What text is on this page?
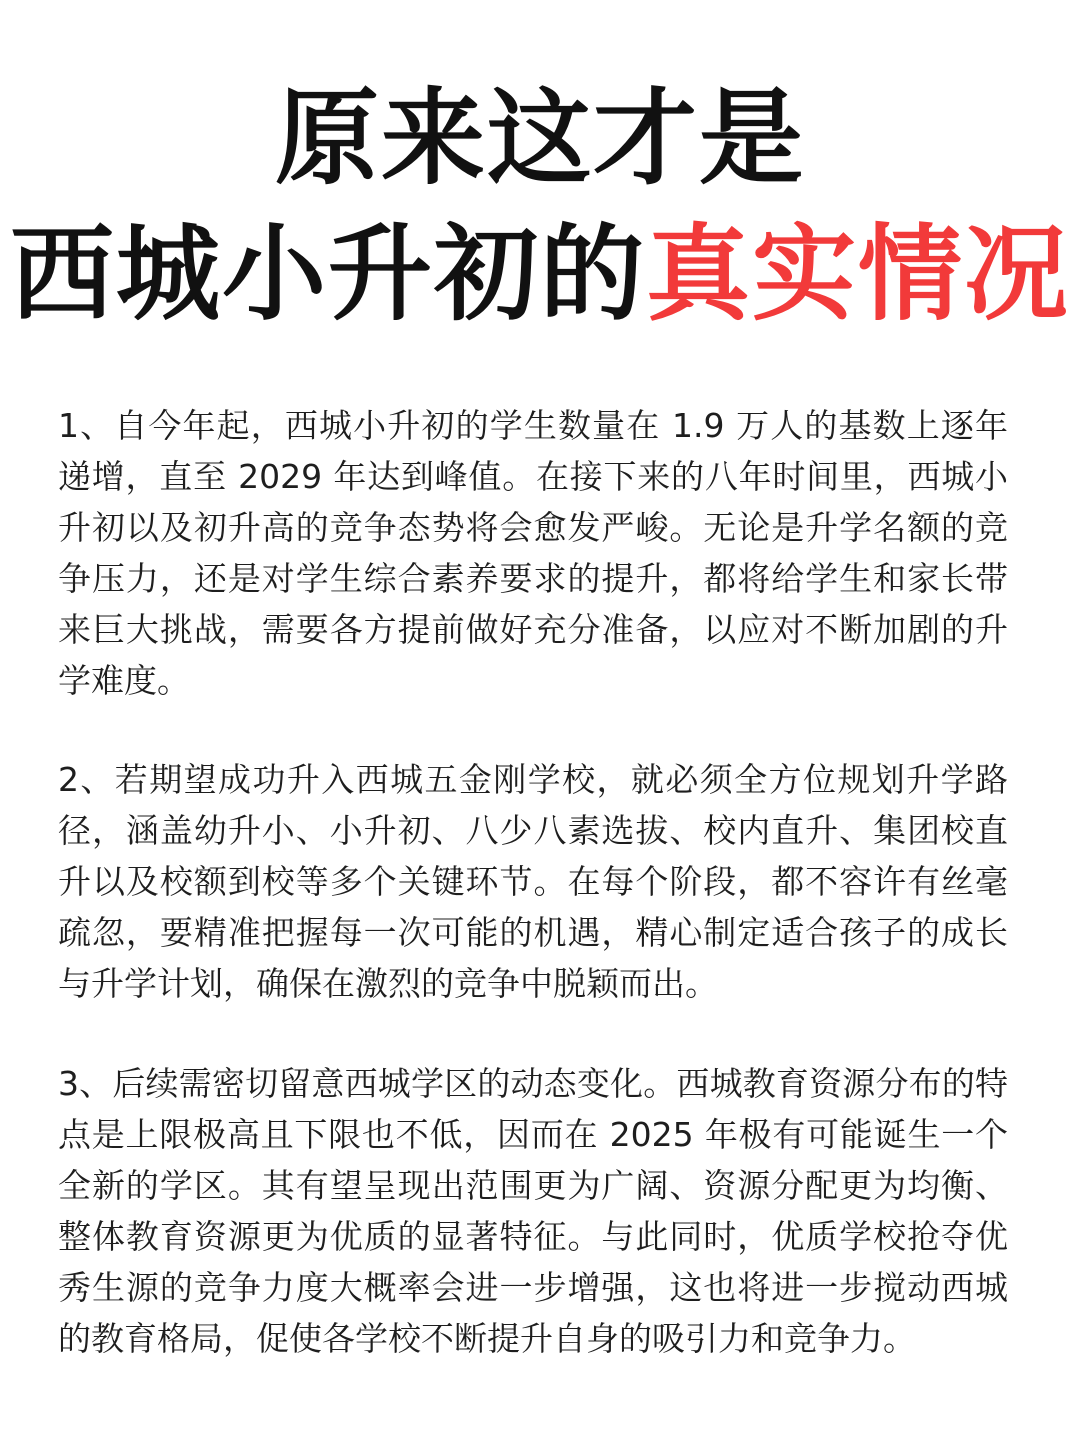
原来这才是
西城小升初的真实情况

1、自今年起，西城小升初的学生数量在 1.9 万人的基数上逐年递增，直至 2029 年达到峰值。在接下来的八年时间里，西城小升初以及初升高的竞争态势将会愈发严峻。无论是升学名额的竞争压力，还是对学生综合素养要求的提升，都将给学生和家长带来巨大挑战，需要各方提前做好充分准备，以应对不断加剧的升学难度。

2、若期望成功升入西城五金刚学校，就必须全方位规划升学路径，涵盖幼升小、小升初、八少八素选拔、校内直升、集团校直升以及校额到校等多个关键环节。在每个阶段，都不容许有丝毫疏忽，要精准把握每一次可能的机遇，精心制定适合孩子的成长与升学计划，确保在激烈的竞争中脱颖而出。

3、后续需密切留意西城学区的动态变化。西城教育资源分布的特点是上限极高且下限也不低，因而在 2025 年极有可能诞生一个全新的学区。其有望呈现出范围更为广阔、资源分配更为均衡、整体教育资源更为优质的显著特征。与此同时，优质学校抢夺优秀生源的竞争力度大概率会进一步增强，这也将进一步搅动西城的教育格局，促使各学校不断提升自身的吸引力和竞争力。
